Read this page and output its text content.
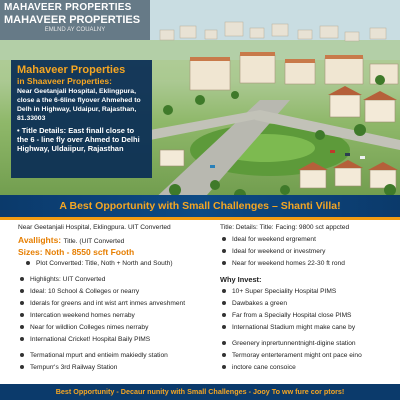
MAHAVEER PROPERTIES
MAHAVEER PROPERTIES
EMLND AY COUALNY
Mahaveer Properties
in Shaaveer Properties:
Near Geetanjali Hospital, Eklingpura, close a the 6-6line flyover Ahmehed to Delh in Highway, Udaipur, Rajasthan, 81.33003
• Title Details: East finall close to the 6 - line fly over Ahmed to Delhi Highway, Uldaiipur, Rajasthan
A Best Opportunity with Small Challenges – Shanti Villa!
Near Geetanjali Hospital, Eklingpura. UIT Converted
Avallights: Title. (UIT Converted
Sizes: Noth - 8550 scft Footh
Plot Convertted: Title, Noth + North and South)
Highlights: UIT Converted
Ideal: 10 School & Colleges or nearry
Iderals for greens and int wist arrt inmes anveshment
Intercation weekend homes nerraby
Near for wildlion Colleges nimes nerraby
International Cricket! Hospital Baily PIMS
Termational mpurt and entieim makiedly station
Tempurr's 3rd Railway Station
Title: Details: Title: Facing: 9800 sct appcted
Ideal for weekend ergrement
Ideal for weekend or investmery
Near for weekend homes 22-30 ft rond
Why Invest:
10+ Super Speciality Hospital PIMS
Dawbakes a green
Far from a Specially Hospital close PIMS
International Stadium might make cane by
Greenery inprertunnentnight-digine station
Termoray enterterament might ont pace eino
inctore cane consoice
Best Opportunity - Decaur nunity with Small Challenges - Jooy To ww fure cor ptors!
